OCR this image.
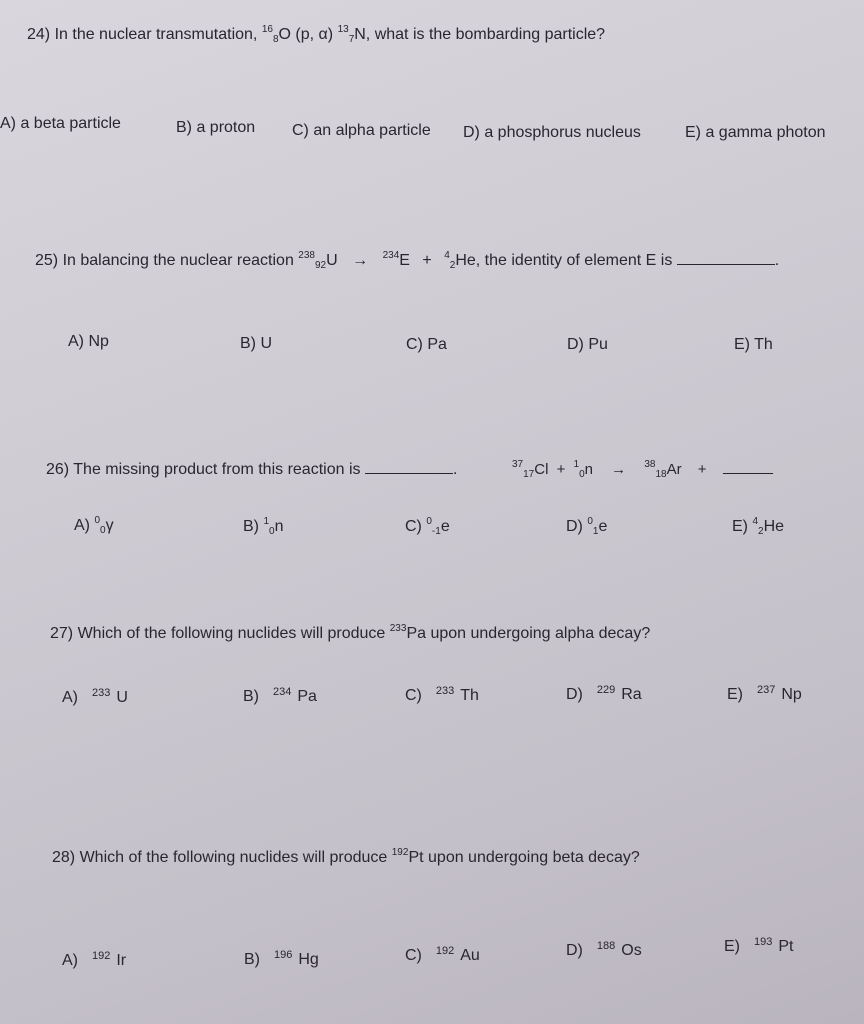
24) In the nuclear transmutation, $^{16}_8$O (p, α) $^{13}_7$N, what is the bombarding particle?
A) a beta particle	B) a proton C) an alpha particle D) a phosphorus nucleus	E) a gamma photon
25) In balancing the nuclear reaction $^{238}_{92}$U → $^{234}$E + $^4_2$He, the identity of element E is	.
A) Np	B) U	C) Pa	D) Pu	E) Th
26) The missing product from this reaction is	.	$^{37}_{17}$Cl + $^1_0$n → $^{38}_{18}$Ar +
A) $^0_0$γ	B) $^1_0$n	C) $^0_{-1}$e	D) $^0_1$e	E) $^4_2$He
27) Which of the following nuclides will produce $^{233}$Pa upon undergoing alpha decay?
A) $^{233}$ U	B) $^{234}$ Pa	C) $^{233}$ Th	D) $^{229}$ Ra	E) $^{237}$ Np
28) Which of the following nuclides will produce $^{192}$Pt upon undergoing beta decay?
A) $^{192}$ Ir	B) $^{196}$ Hg	C) $^{192}$ Au	D) $^{188}$ Os	E) $^{193}$ Pt
